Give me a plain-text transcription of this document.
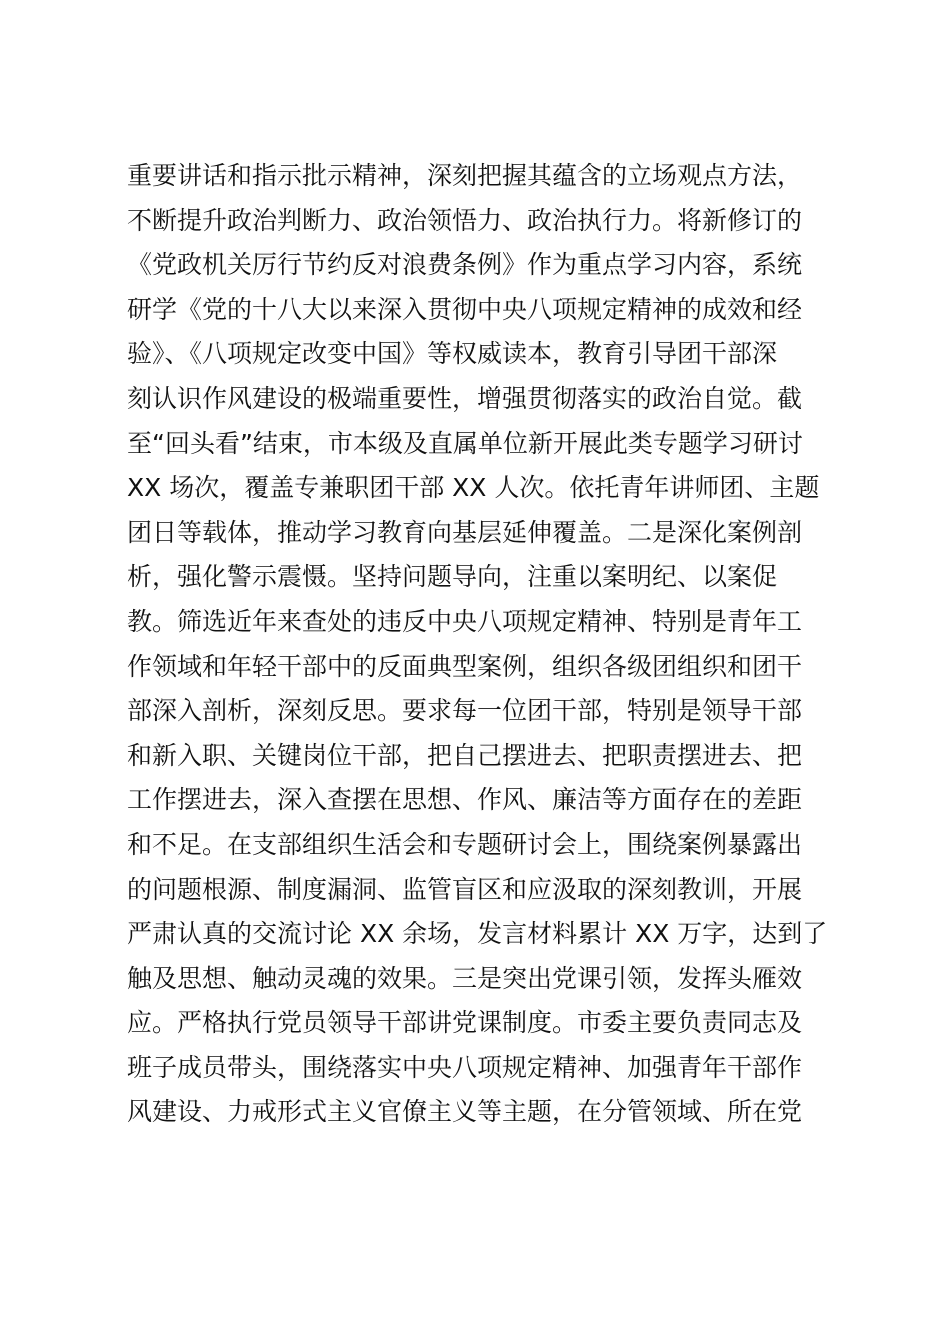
重要讲话和指示批示精神，深刻把握其蕴含的立场观点方法，
不断提升政治判断力、政治领悟力、政治执行力。将新修订的
《党政机关厉行节约反对浪费条例》作为重点学习内容，系统
研学《党的十八大以来深入贯彻中央八项规定精神的成效和经
验》、《八项规定改变中国》等权威读本，教育引导团干部深
刻认识作风建设的极端重要性，增强贯彻落实的政治自觉。截
至“回头看”结束，市本级及直属单位新开展此类专题学习研讨
XX 场次，覆盖专兼职团干部 XX 人次。依托青年讲师团、主题
团日等载体，推动学习教育向基层延伸覆盖。二是深化案例剖
析，强化警示震慑。坚持问题导向，注重以案明纪、以案促
教。筛选近年来查处的违反中央八项规定精神、特别是青年工
作领域和年轻干部中的反面典型案例，组织各级团组织和团干
部深入剖析，深刻反思。要求每一位团干部，特别是领导干部
和新入职、关键岗位干部，把自己摆进去、把职责摆进去、把
工作摆进去，深入查摆在思想、作风、廉洁等方面存在的差距
和不足。在支部组织生活会和专题研讨会上，围绕案例暴露出
的问题根源、制度漏洞、监管盲区和应汲取的深刻教训，开展
严肃认真的交流讨论 XX 余场，发言材料累计 XX 万字，达到了
触及思想、触动灵魂的效果。三是突出党课引领，发挥头雁效
应。严格执行党员领导干部讲党课制度。市委主要负责同志及
班子成员带头，围绕落实中央八项规定精神、加强青年干部作
风建设、力戒形式主义官僚主义等主题，在分管领域、所在党
